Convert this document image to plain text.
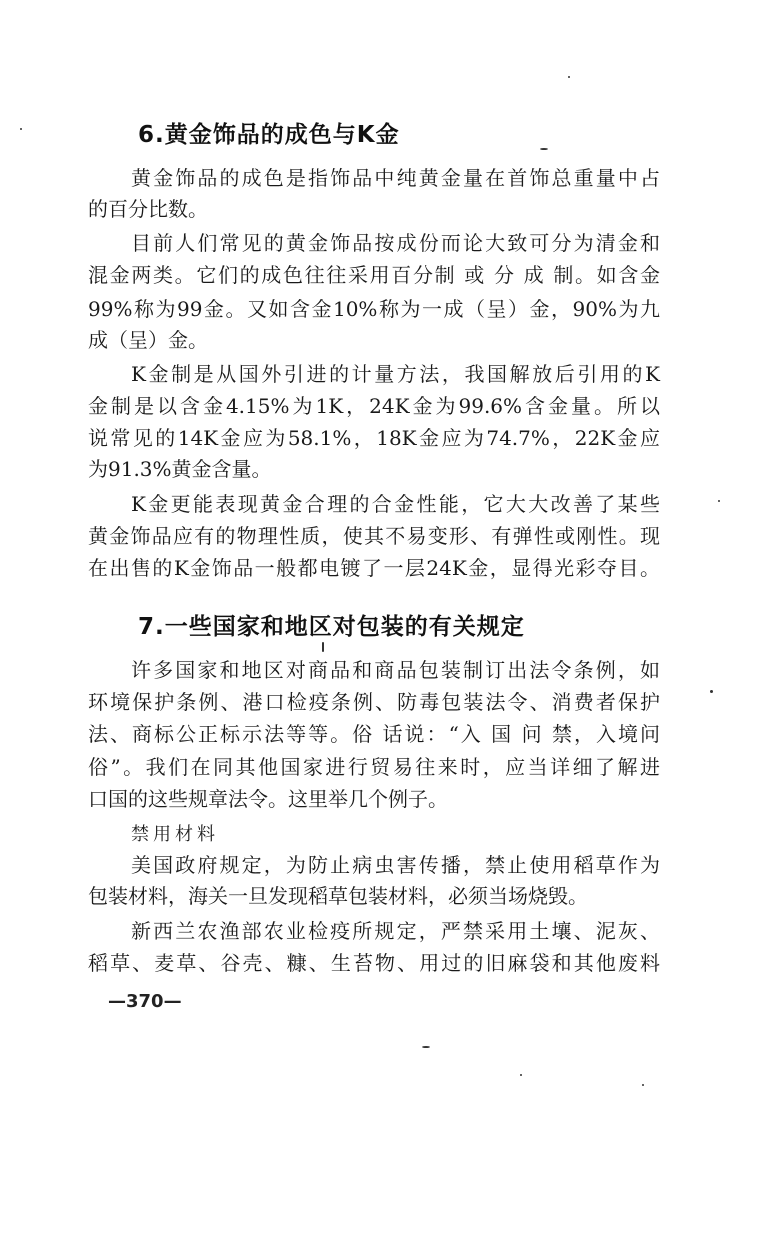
6.黄金饰品的成色与K金
黄金饰品的成色是指饰品中纯黄金量在首饰总重量中占
的百分比数。
目前人们常见的黄金饰品按成份而论大致可分为清金和
混金两类。它们的成色往往采用百分制 或 分 成 制。如含金
99%称为99金。又如含金10%称为一成（呈）金，90%为九
成（呈）金。
K金制是从国外引进的计量方法，我国解放后引用的K
金制是以含金4.15%为1K，24K金为99.6%含金量。所以
说常见的14K金应为58.1%，18K金应为74.7%，22K金应
为91.3%黄金含量。
K金更能表现黄金合理的合金性能，它大大改善了某些
黄金饰品应有的物理性质，使其不易变形、有弹性或刚性。现
在出售的K金饰品一般都电镀了一层24K金，显得光彩夺目。
7.一些国家和地区对包装的有关规定
许多国家和地区对商品和商品包装制订出法令条例，如
环境保护条例、港口检疫条例、防毒包装法令、消费者保护
法、商标公正标示法等等。俗 话说：“入 国 问 禁，入境问
俗”。我们在同其他国家进行贸易往来时，应当详细了解进
口国的这些规章法令。这里举几个例子。
禁用材料
美国政府规定，为防止病虫害传播，禁止使用稻草作为
包装材料，海关一旦发现稻草包装材料，必须当场烧毁。
新西兰农渔部农业检疫所规定，严禁采用土壤、泥灰、
稻草、麦草、谷壳、糠、生苔物、用过的旧麻袋和其他废料
—370—
